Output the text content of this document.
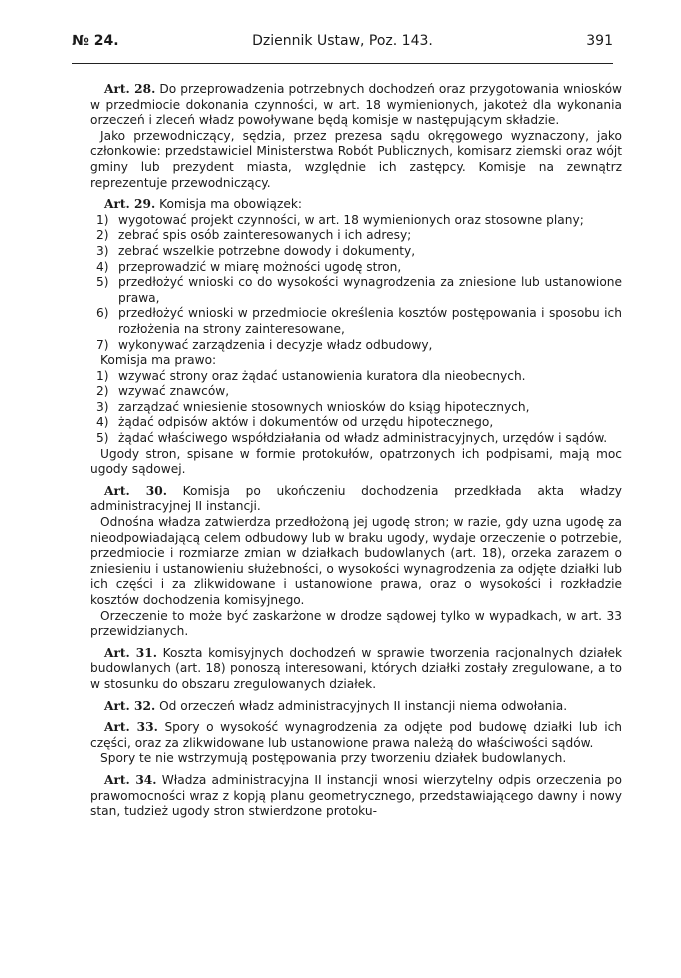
№ 24.	Dziennik Ustaw, Poz. 143.	391

Art. 28. Do przeprowadzenia potrzebnych dochodzeń oraz przygotowania wniosków w przedmiocie dokonania czynności, w art. 18 wymienionych, jakoteż dla wykonania orzeczeń i zleceń władz powoływane będą komisje w następującym składzie.

Jako przewodniczący, sędzia, przez prezesa sądu okręgowego wyznaczony, jako członkowie: przedstawiciel Ministerstwa Robót Publicznych, komisarz ziemski oraz wójt gminy lub prezydent miasta, względnie ich zastępcy. Komisje na zewnątrz reprezentuje przewodniczący.

Art. 29. Komisja ma obowiązek:

1) wygotować projekt czynności, w art. 18 wymienionych oraz stosowne plany;
2) zebrać spis osób zainteresowanych i ich adresy;
3) zebrać wszelkie potrzebne dowody i dokumenty,
4) przeprowadzić w miarę możności ugodę stron,
5) przedłożyć wnioski co do wysokości wynagrodzenia za zniesione lub ustanowione prawa,
6) przedłożyć wnioski w przedmiocie określenia kosztów postępowania i sposobu ich rozłożenia na strony zainteresowane,
7) wykonywać zarządzenia i decyzje władz odbudowy,

Komisja ma prawo:

1) wzywać strony oraz żądać ustanowienia kuratora dla nieobecnych.
2) wzywać znawców,
3) zarządzać wniesienie stosownych wniosków do ksiąg hipotecznych,
4) żądać odpisów aktów i dokumentów od urzędu hipotecznego,
5) żądać właściwego współdziałania od władz administracyjnych, urzędów i sądów.

Ugody stron, spisane w formie protokułów, opatrzonych ich podpisami, mają moc ugody sądowej.

Art. 30. Komisja po ukończeniu dochodzenia przedkłada akta władzy administracyjnej II instancji.

Odnośna władza zatwierdza przedłożoną jej ugodę stron; w razie, gdy uzna ugodę za nieodpowiadającą celem odbudowy lub w braku ugody, wydaje orzeczenie o potrzebie, przedmiocie i rozmiarze zmian w działkach budowlanych (art. 18), orzeka zarazem o zniesieniu i ustanowieniu służebności, o wysokości wynagrodzenia za odjęte działki lub ich części i za zlikwidowane i ustanowione prawa, oraz o wysokości i rozkładzie kosztów dochodzenia komisyjnego.

Orzeczenie to może być zaskarżone w drodze sądowej tylko w wypadkach, w art. 33 przewidzianych.

Art. 31. Koszta komisyjnych dochodzeń w sprawie tworzenia racjonalnych działek budowlanych (art. 18) ponoszą interesowani, których działki zostały zregulowane, a to w stosunku do obszaru zregulowanych działek.

Art. 32. Od orzeczeń władz administracyjnych II instancji niema odwołania.

Art. 33. Spory o wysokość wynagrodzenia za odjęte pod budowę działki lub ich części, oraz za zlikwidowane lub ustanowione prawa należą do właściwości sądów.

Spory te nie wstrzymują postępowania przy tworzeniu działek budowlanych.

Art. 34. Władza administracyjna II instancji wnosi wierzytelny odpis orzeczenia po prawomocności wraz z kopją planu geometrycznego, przedstawiającego dawny i nowy stan, tudzież ugody stron stwierdzone protoku-
